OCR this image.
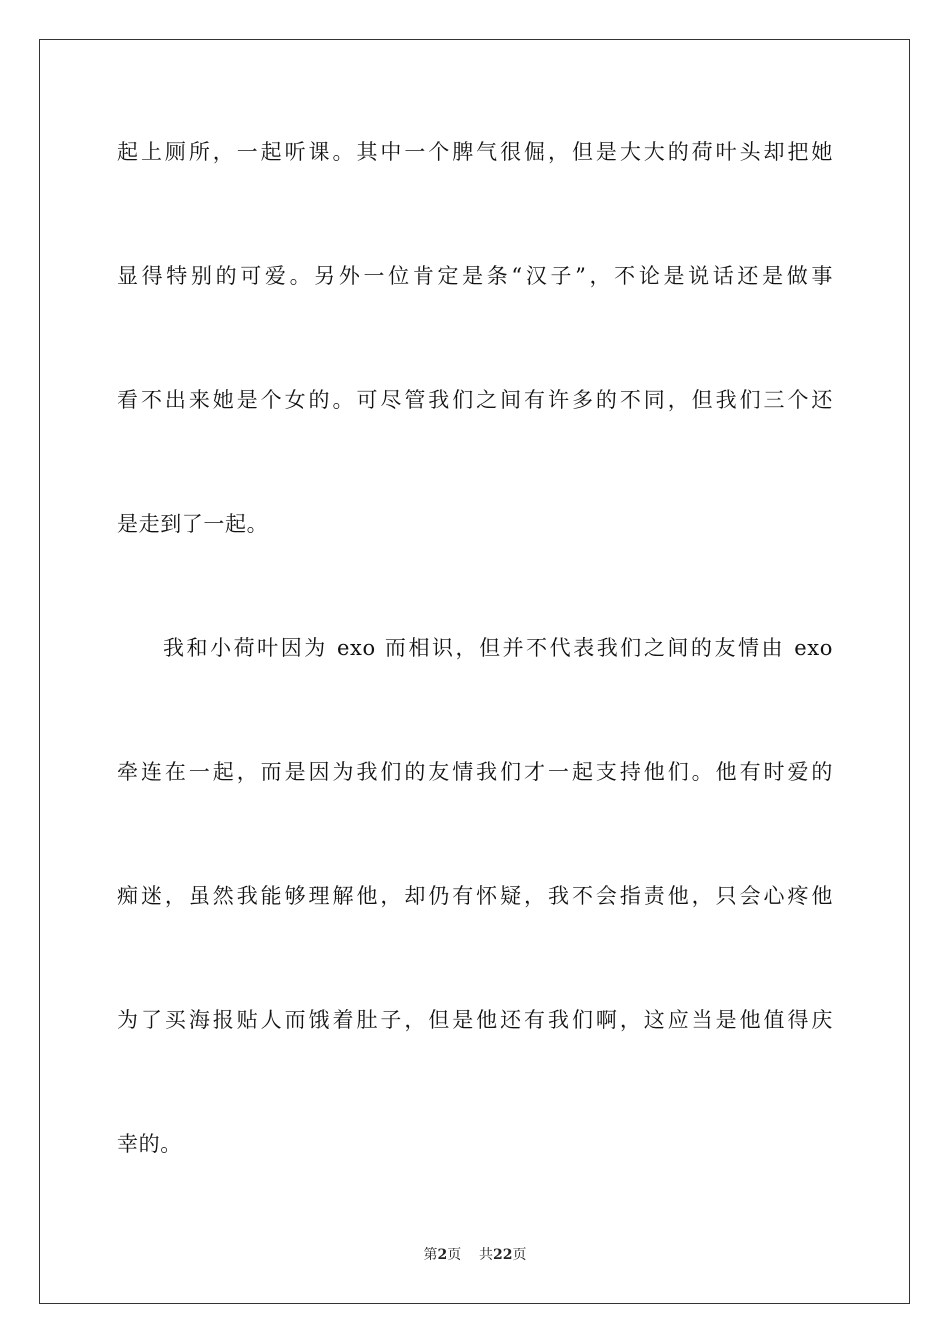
起上厕所，一起听课。其中一个脾气很倔，但是大大的荷叶头却把她
显得特别的可爱。另外一位肯定是条“汉子”，不论是说话还是做事
看不出来她是个女的。可尽管我们之间有许多的不同，但我们三个还
是走到了一起。
我和小荷叶因为 exo 而相识，但并不代表我们之间的友情由 exo
牵连在一起，而是因为我们的友情我们才一起支持他们。他有时爱的
痴迷，虽然我能够理解他，却仍有怀疑，我不会指责他，只会心疼他
为了买海报贴人而饿着肚子，但是他还有我们啊，这应当是他值得庆
幸的。
第2页 共22页
